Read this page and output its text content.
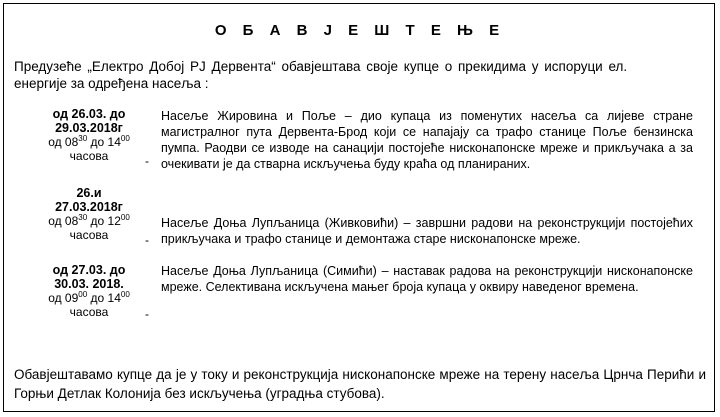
О Б А В Ј Е Ш Т Е Њ Е
Предузеће „Електро Добој РЈ Дервента“ обавјештава своје купце о прекидима у испоруци ел.
енергије за одређена насеља :
од 26.03. до
29.03.2018г
од $08^{30}$ до $14^{00}$
часова	-
Насеље Жировина и Поље – дио купаца из поменутих насеља са лијеве стране магистралног пута Дервента-Брод који се напајају са трафо станице Поље бензинска пумпа. Раодви се изводе на санацији постојеће нисконапонске мреже и прикључака а за очекивати је да стварна искључења буду краћа од планираних.
26.и
27.03.2018г
од $08^{30}$ до $12^{00}$
часова	-
Насеље Доња Лупљаница (Живковићи) – завршни радови на реконструкцији постојећих прикључака и трафо станице и демонтажа старе нисконапонске мреже.
од 27.03. до
30.03. 2018.
од $09^{00}$ до $14^{00}$
часова	-
Насеље Доња Лупљаница (Симићи) – наставак радова на реконструкцији нисконапонске мреже. Селективана искључена мањег броја купаца у оквиру наведеног времена.
Обавјештавамо купце да је у току и реконструкција нисконапонске мреже на терену насеља Црнча Перићи и Горњи Детлак Колонија без искључења (уградња стубова).
